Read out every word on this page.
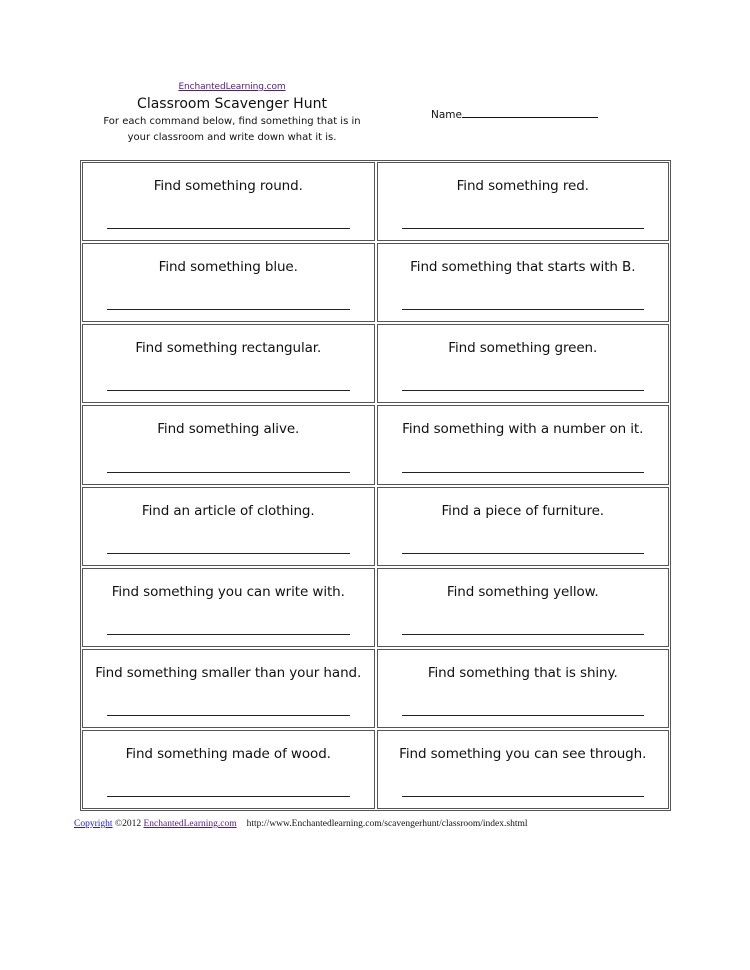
EnchantedLearning.com
Classroom Scavenger Hunt
For each command below, find something that is in
your classroom and write down what it is.
Name
Find something round.	Find something red.
Find something blue.	Find something that starts with B.
Find something rectangular.	Find something green.
Find something alive.	Find something with a number on it.
Find an article of clothing.	Find a piece of furniture.
Find something you can write with.	Find something yellow.
Find something smaller than your hand.	Find something that is shiny.
Find something made of wood.	Find something you can see through.
Copyright ©2012 EnchantedLearning.com http://www.Enchantedlearning.com/scavengerhunt/classroom/index.shtml
